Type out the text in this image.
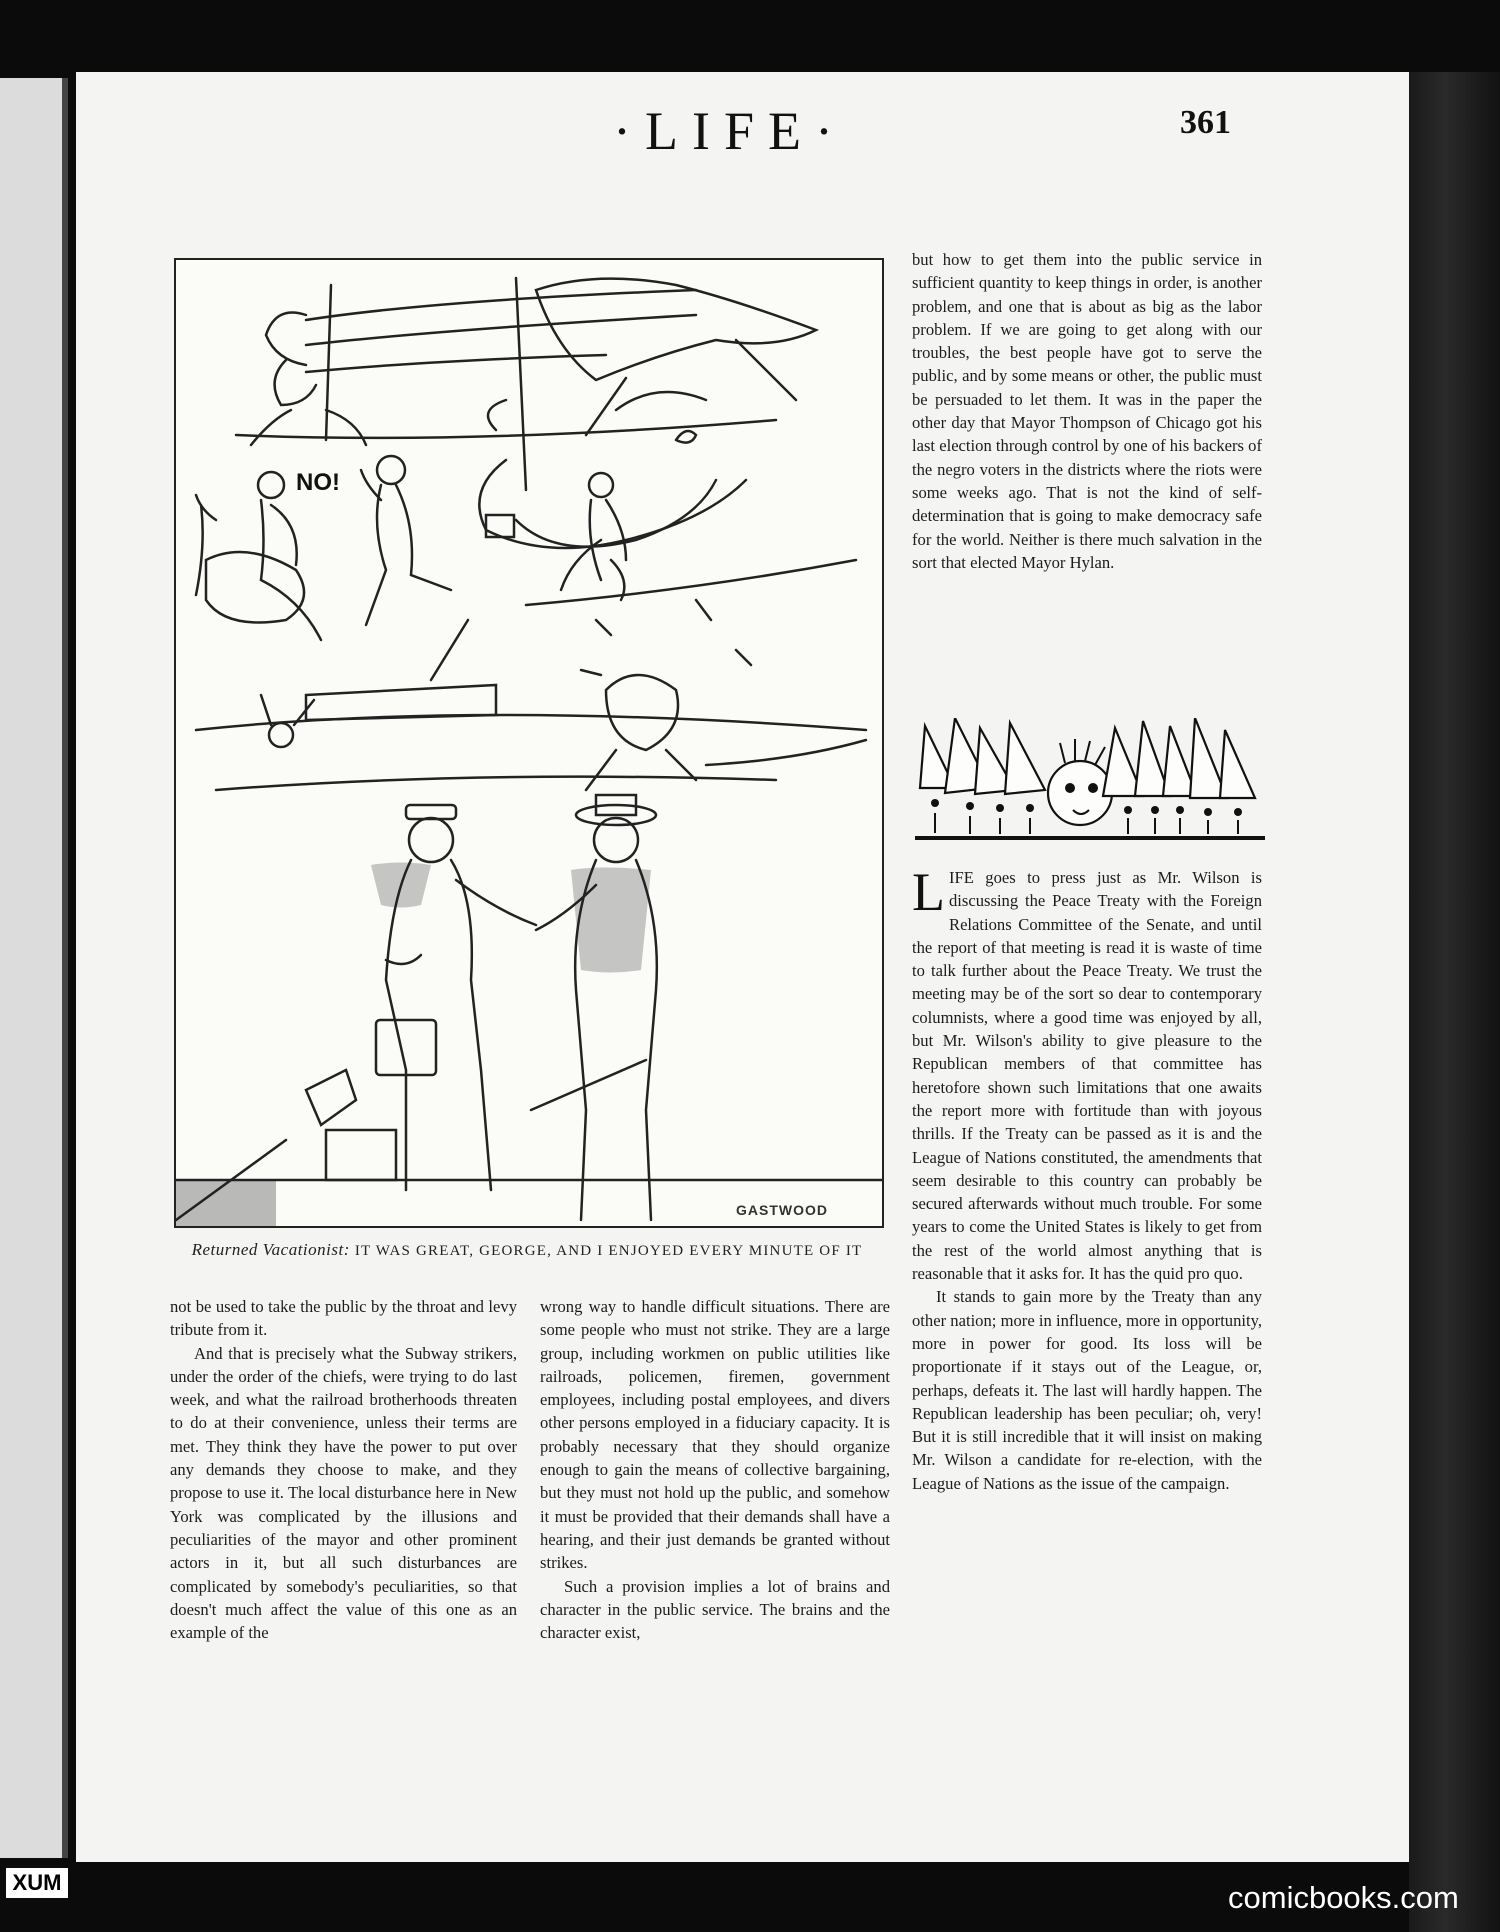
·LIFE·	361
NO!
GASTWOOD
Returned Vacationist: IT WAS GREAT, GEORGE, AND I ENJOYED EVERY MINUTE OF IT

but how to get them into the public service in sufficient quantity to keep things in order, is another problem, and one that is about as big as the labor problem. If we are going to get along with our troubles, the best people have got to serve the public, and by some means or other, the public must be persuaded to let them. It was in the paper the other day that Mayor Thompson of Chicago got his last election through control by one of his backers of the negro voters in the districts where the riots were some weeks ago. That is not the kind of self-determination that is going to make democracy safe for the world. Neither is there much salvation in the sort that elected Mayor Hylan.

L IFE goes to press just as Mr. Wilson is discussing the Peace Treaty with the Foreign Relations Committee of the Senate, and until the report of that meeting is read it is waste of time to talk further about the Peace Treaty. We trust the meeting may be of the sort so dear to contemporary columnists, where a good time was enjoyed by all, but Mr. Wilson's ability to give pleasure to the Republican members of that committee has heretofore shown such limitations that one awaits the report more with fortitude than with joyous thrills. If the Treaty can be passed as it is and the League of Nations constituted, the amendments that seem desirable to this country can probably be secured afterwards without much trouble. For some years to come the United States is likely to get from the rest of the world almost anything that is reasonable that it asks for. It has the quid pro quo.

It stands to gain more by the Treaty than any other nation; more in influence, more in opportunity, more in power for good. Its loss will be proportionate if it stays out of the League, or, perhaps, defeats it. The last will hardly happen. The Republican leadership has been peculiar; oh, very! But it is still incredible that it will insist on making Mr. Wilson a candidate for re-election, with the League of Nations as the issue of the campaign.

not be used to take the public by the throat and levy tribute from it.

And that is precisely what the Subway strikers, under the order of the chiefs, were trying to do last week, and what the railroad brotherhoods threaten to do at their convenience, unless their terms are met. They think they have the power to put over any demands they choose to make, and they propose to use it. The local disturbance here in New York was complicated by the illusions and peculiarities of the mayor and other prominent actors in it, but all such disturbances are complicated by somebody's peculiarities, so that doesn't much affect the value of this one as an example of the

wrong way to handle difficult situations. There are some people who must not strike. They are a large group, including workmen on public utilities like railroads, policemen, firemen, government employees, including postal employees, and divers other persons employed in a fiduciary capacity. It is probably necessary that they should organize enough to gain the means of collective bargaining, but they must not hold up the public, and somehow it must be provided that their demands shall have a hearing, and their just demands be granted without strikes.

Such a provision implies a lot of brains and character in the public service. The brains and the character exist,

XUM	comicbooks.com
